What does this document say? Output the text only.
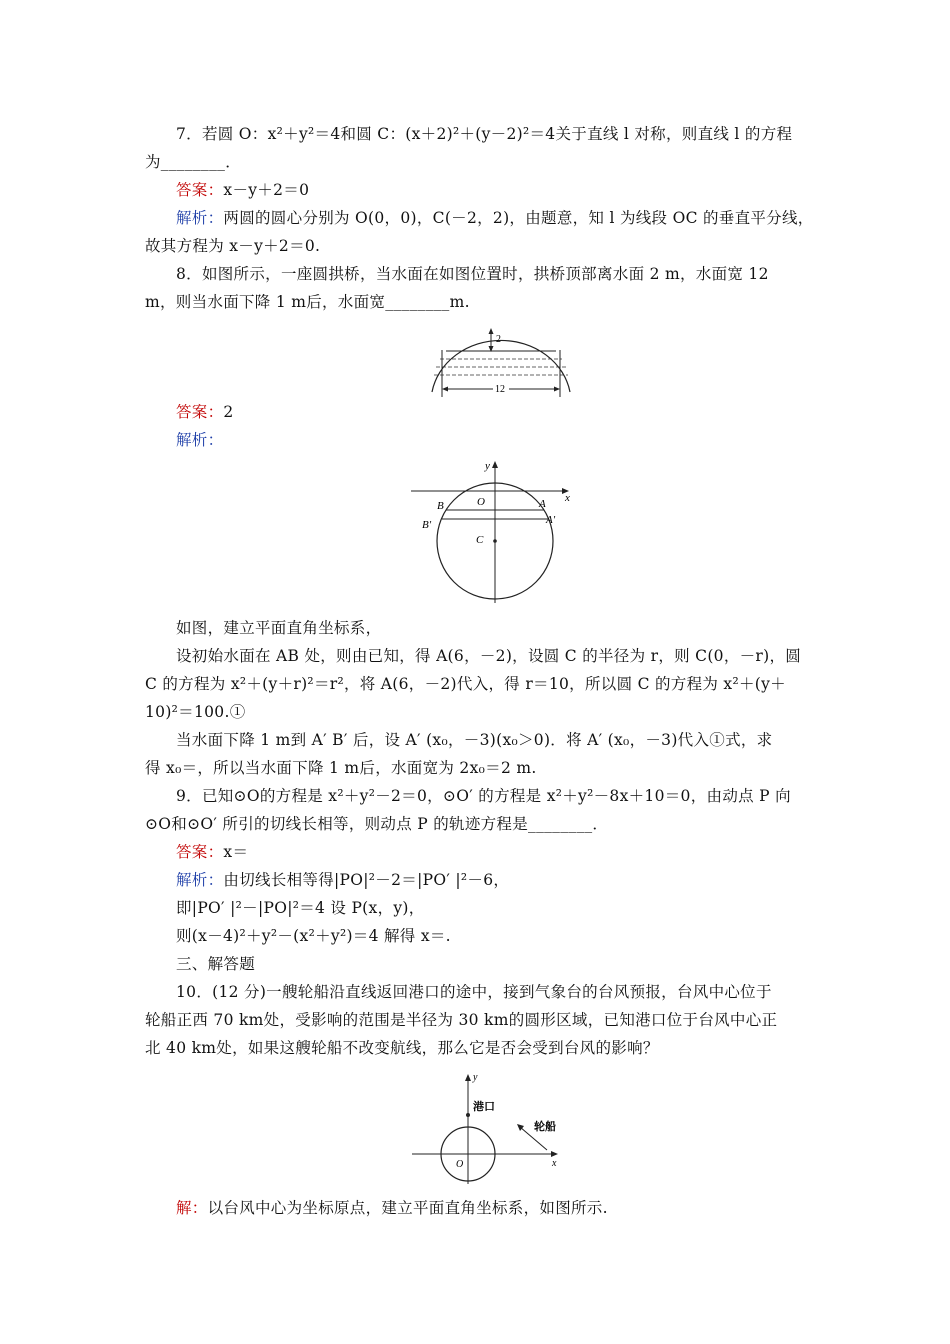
7．若圆 O：x²＋y²＝4和圆 C：(x＋2)²＋(y－2)²＝4关于直线 l 对称，则直线 l 的方程
为________．
答案：x－y＋2＝0
解析：两圆的圆心分别为 O(0，0)，C(－2，2)，由题意，知 l 为线段 OC 的垂直平分线，
故其方程为 x－y＋2＝0.
8．如图所示，一座圆拱桥，当水面在如图位置时，拱桥顶部离水面 2 m，水面宽 12
m，则当水面下降 1 m后，水面宽________m.
2
12
答案：2
解析：
y
x
O	A
B
A′
B′
C
如图，建立平面直角坐标系，
设初始水面在 AB 处，则由已知，得 A(6，－2)，设圆 C 的半径为 r，则 C(0，－r)，圆
C 的方程为 x²＋(y＋r)²＝r²，将 A(6，－2)代入，得 r＝10，所以圆 C 的方程为 x²＋(y＋
10)²＝100.①
当水面下降 1 m到 A′ B′ 后，设 A′ (x₀，－3)(x₀＞0)．将 A′ (x₀，－3)代入①式，求
得 x₀＝，所以当水面下降 1 m后，水面宽为 2x₀＝2 m.
9．已知⊙O的方程是 x²＋y²－2＝0，⊙O′ 的方程是 x²＋y²－8x＋10＝0，由动点 P 向
⊙O和⊙O′ 所引的切线长相等，则动点 P 的轨迹方程是________．
答案：x＝
解析：由切线长相等得|PO|²－2＝|PO′ |²－6，
即|PO′ |²－|PO|²＝4 设 P(x，y)，
则(x－4)²＋y²－(x²＋y²)＝4 解得 x＝.
三、解答题
10．(12 分)一艘轮船沿直线返回港口的途中，接到气象台的台风预报，台风中心位于
轮船正西 70 km处，受影响的范围是半径为 30 km的圆形区域，已知港口位于台风中心正
北 40 km处，如果这艘轮船不改变航线，那么它是否会受到台风的影响？
y
x
O
港口
轮船
解：以台风中心为坐标原点，建立平面直角坐标系，如图所示.
